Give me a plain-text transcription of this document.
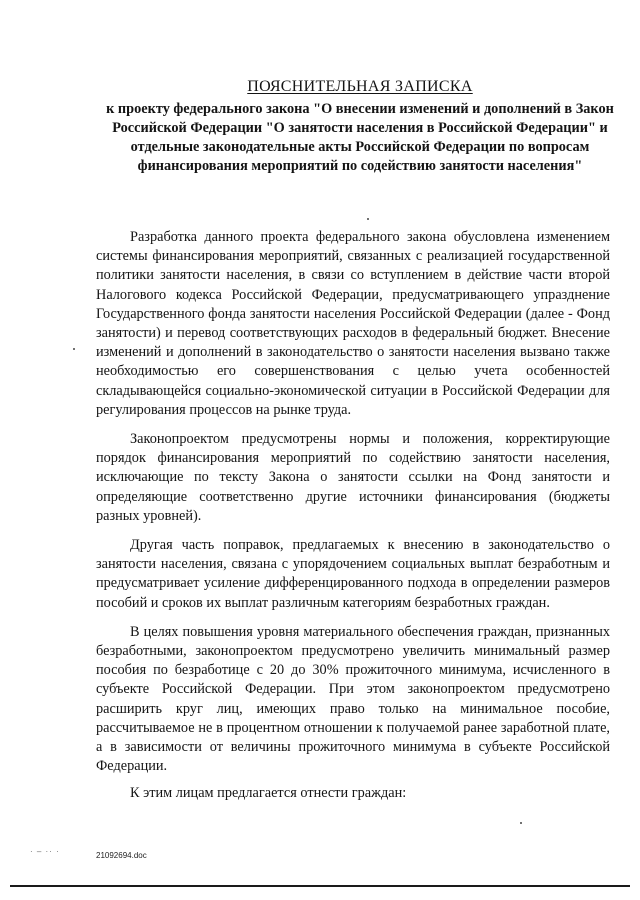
ПОЯСНИТЕЛЬНАЯ ЗАПИСКА
к проекту федерального закона "О внесении изменений и дополнений в Закон Российской Федерации "О занятости населения в Российской Федерации" и отдельные законодательные акты Российской Федерации по вопросам финансирования мероприятий по содействию занятости населения"

Разработка данного проекта федерального закона обусловлена изменением системы финансирования мероприятий, связанных с реализацией государственной политики занятости населения, в связи со вступлением в действие части второй Налогового кодекса Российской Федерации, предусматривающего упразднение Государственного фонда занятости населения Российской Федерации (далее - Фонд занятости) и перевод соответствующих расходов в федеральный бюджет. Внесение изменений и дополнений в законодательство о занятости населения вызвано также необходимостью его совершенствования с целью учета особенностей складывающейся социально-экономической ситуации в Российской Федерации для регулирования процессов на рынке труда.

Законопроектом предусмотрены нормы и положения, корректирующие порядок финансирования мероприятий по содействию занятости населения, исключающие по тексту Закона о занятости ссылки на Фонд занятости и определяющие соответственно другие источники финансирования (бюджеты разных уровней).

Другая часть поправок, предлагаемых к внесению в законодательство о занятости населения, связана с упорядочением социальных выплат безработным и предусматривает усиление дифференцированного подхода в определении размеров пособий и сроков их выплат различным категориям безработных граждан.

В целях повышения уровня материального обеспечения граждан, признанных безработными, законопроектом предусмотрено увеличить минимальный размер пособия по безработице с 20 до 30% прожиточного минимума, исчисленного в субъекте Российской Федерации. При этом законопроектом предусмотрено расширить круг лиц, имеющих право только на минимальное пособие, рассчитываемое не в процентном отношении к получаемой ранее заработной плате, а в зависимости от величины прожиточного минимума в субъекте Российской Федерации.

К этим лицам предлагается отнести граждан:

· – ·· ·	21092694.doc
